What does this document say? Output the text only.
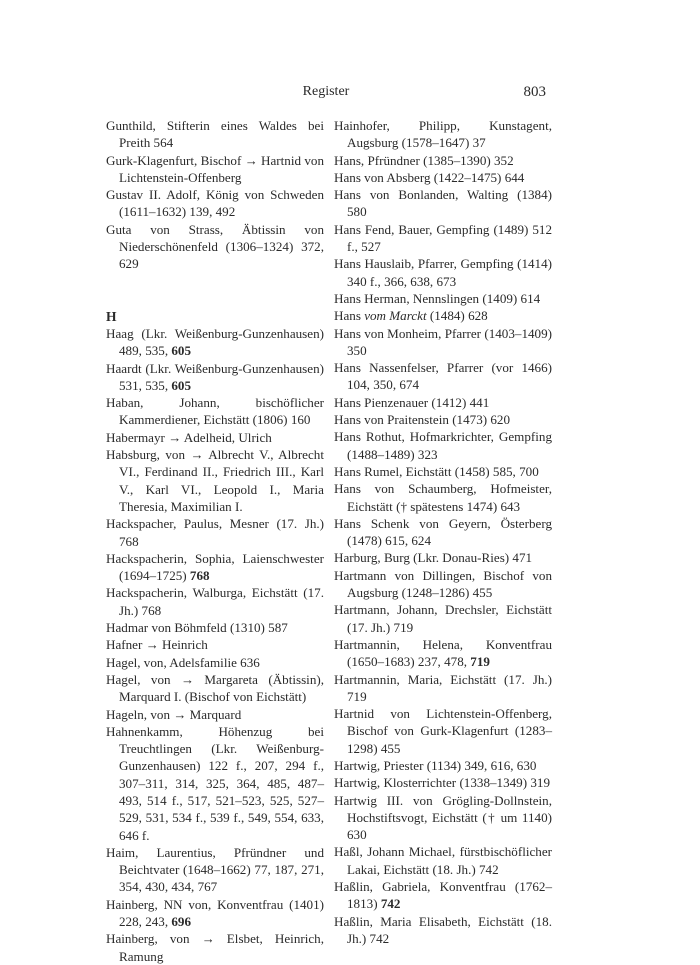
Register	803
Gunthild, Stifterin eines Waldes bei Preith 564
Gurk-Klagenfurt, Bischof → Hartnid von Lichtenstein-Offenberg
Gustav II. Adolf, König von Schweden (1611–1632) 139, 492
Guta von Strass, Äbtissin von Niederschönenfeld (1306–1324) 372, 629
H
Haag (Lkr. Weißenburg-Gunzenhausen) 489, 535, 605
Haardt (Lkr. Weißenburg-Gunzenhausen) 531, 535, 605
Haban, Johann, bischöflicher Kammerdiener, Eichstätt (1806) 160
Habermayr → Adelheid, Ulrich
Habsburg, von → Albrecht V., Albrecht VI., Ferdinand II., Friedrich III., Karl V., Karl VI., Leopold I., Maria Theresia, Maximilian I.
Hackspacher, Paulus, Mesner (17. Jh.) 768
Hackspacherin, Sophia, Laienschwester (1694–1725) 768
Hackspacherin, Walburga, Eichstätt (17. Jh.) 768
Hadmar von Böhmfeld (1310) 587
Hafner → Heinrich
Hagel, von, Adelsfamilie 636
Hagel, von → Margareta (Äbtissin), Marquard I. (Bischof von Eichstätt)
Hageln, von → Marquard
Hahnenkamm, Höhenzug bei Treuchtlingen (Lkr. Weißenburg-Gunzenhausen) 122 f., 207, 294 f., 307–311, 314, 325, 364, 485, 487–493, 514 f., 517, 521–523, 525, 527–529, 531, 534 f., 539 f., 549, 554, 633, 646 f.
Haim, Laurentius, Pfründner und Beichtvater (1648–1662) 77, 187, 271, 354, 430, 434, 767
Hainberg, NN von, Konventfrau (1401) 228, 243, 696
Hainberg, von → Elsbet, Heinrich, Ramung
Hainhofer, Philipp, Kunstagent, Augsburg (1578–1647) 37
Hans, Pfründner (1385–1390) 352
Hans von Absberg (1422–1475) 644
Hans von Bonlanden, Walting (1384) 580
Hans Fend, Bauer, Gempfing (1489) 512 f., 527
Hans Hauslaib, Pfarrer, Gempfing (1414) 340 f., 366, 638, 673
Hans Herman, Nennslingen (1409) 614
Hans vom Marckt (1484) 628
Hans von Monheim, Pfarrer (1403–1409) 350
Hans Nassenfelser, Pfarrer (vor 1466) 104, 350, 674
Hans Pienzenauer (1412) 441
Hans von Praitenstein (1473) 620
Hans Rothut, Hofmarkrichter, Gempfing (1488–1489) 323
Hans Rumel, Eichstätt (1458) 585, 700
Hans von Schaumberg, Hofmeister, Eichstätt († spätestens 1474) 643
Hans Schenk von Geyern, Österberg (1478) 615, 624
Harburg, Burg (Lkr. Donau-Ries) 471
Hartmann von Dillingen, Bischof von Augsburg (1248–1286) 455
Hartmann, Johann, Drechsler, Eichstätt (17. Jh.) 719
Hartmannin, Helena, Konventfrau (1650–1683) 237, 478, 719
Hartmannin, Maria, Eichstätt (17. Jh.) 719
Hartnid von Lichtenstein-Offenberg, Bischof von Gurk-Klagenfurt (1283–1298) 455
Hartwig, Priester (1134) 349, 616, 630
Hartwig, Klosterrichter (1338–1349) 319
Hartwig III. von Grögling-Dollnstein, Hochstiftsvogt, Eichstätt († um 1140) 630
Haßl, Johann Michael, fürstbischöflicher Lakai, Eichstätt (18. Jh.) 742
Haßlin, Gabriela, Konventfrau (1762–1813) 742
Haßlin, Maria Elisabeth, Eichstätt (18. Jh.) 742
